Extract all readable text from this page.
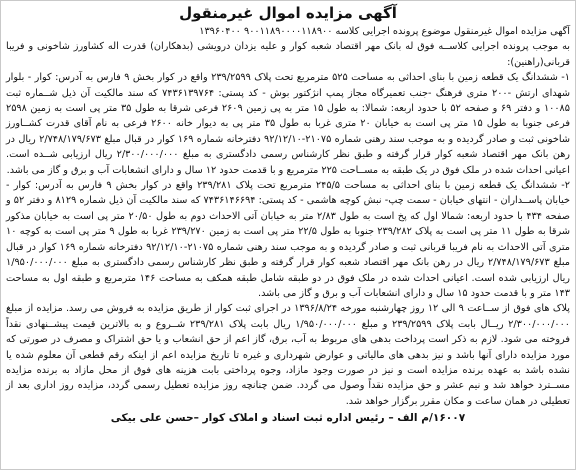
آگهی مزایده اموال غیرمنقول

آگهی مزایده اموال غیرمنقول موضوع پرونده اجرایی کلاسه ۹۰۰۱۱۸۹۰۰۰۰۱۱۸۹۰۰ ۱۳۹۶۰۴۰۰

به موجب پرونده اجرایی کلاســه فوق له بانک مهر اقتصاد شعبه کوار و علیه یزدان درویشی (بدهکاران) قدرت اله کشاورز شاخونی و فریبا قربانی(راهنین):

۱- ششدانگ یک قطعه زمین با بنای احداثی به مساحت ۵۲۵ مترمربع تحت پلاک ۲۳۹/۲۵۹۹ واقع در کوار بخش ۹ فارس به آدرس: کوار - بلوار شهدای ارتش -۲۰۰ متری فرهنگ -جنب تعمیرگاه مجاز پمپ انژکتور بوش - کد پستی: ۷۴۳۶۱۳۹۷۶۴ که سند مالکیت آن ذیل شــماره ثبت ۱۰۰۸۵ و دفتر ۶۹ و صفحه ۵۲ با حدود اربعه: شمالا: به طول ۱۵ متر به پی زمین ۲۶۰۹ فرعی شرقا به طول ۳۵ متر پی است به زمین ۲۵۹۸ فرعی جنوبا به طول ۱۵ متر پی است به خیابان ۲۰ متری غربا به طول ۳۵ متر پی به دیوار خانه ۲۶۰۰ فرعی به نام آقای قدرت کشــاورز شاخونی ثبت و صادر گردیده و به موجب سند رهنی شماره ۲۱۰۷۵-۹۲/۱۲/۱۰ دفترخانه شماره ۱۶۹ کوار در قبال مبلغ ۲/۷۴۸/۱۷۹/۶۷۳ ریال در رهن بانک مهر اقتصاد شعبه کوار قرار گرفته و طبق نظر کارشناس رسمی دادگستری به مبلغ ۲/۳۰۰/۰۰۰/۰۰۰ ریال ارزیابی شــده است. اعیانی احداث شده در ملک فوق در یک طبقه به مســاحت ۲۲۵ مترمربع و با قدمت حدود ۱۲ سال و دارای انشعابات آب و برق و گاز می باشد.

۲- ششدانگ یک قطعه زمین با بنای احداثی به مساحت ۲۴۵/۵ مترمربع تحت پلاک ۲۳۹/۲۸۱ واقع در کوار بخش ۹ فارس به آدرس: کوار - خیابان پاســداران - انتهای خیابان - سمت چپ- نبش کوچه هاشمی - کد پستی: ۷۴۳۶۱۴۶۶۹۴ که سند مالکیت آن ذیل شماره ۸۱۲۹ و دفتر ۵۲ و صفحه ۴۳۴ با حدود اربعه: شمالا اول که پخ است به طول ۲/۸۳ متر به خیابان آتی الاحداث دوم به طول ۲۰/۵۰ متر پی است به خیابان مذکور شرقا به طول ۱۱ متر پی است به پلاک ۲۳۹/۲۸۲ جنوبا به طول ۲۲/۵ متر پی است به زمین ۲۳۹/۲۷۰ غربا به طول ۹ متر پی است به کوچه ۱۰ متری آتی الاحداث به نام فریبا قربانی ثبت و صادر گردیده و به موجب سند رهنی شماره ۲۱۰۷۵-۹۲/۱۲/۱۰ دفترخانه شماره ۱۶۹ کوار در قبال مبلغ ۲/۷۴۸/۱۷۹/۶۷۳ ریال در رهن بانک مهر اقتصاد شعبه کوار قرار گرفته و طبق نظر کارشناس رسمی دادگستری به مبلغ ۱/۹۵۰/۰۰۰/۰۰۰ ریال ارزیابی شده است. اعیانی احداث شده در ملک فوق در دو طبقه شامل طبقه همکف به مساحت ۱۴۶ مترمربع و طبقه اول به مساحت ۱۴۳ متر و با قدمت حدود ۱۵ سال و دارای انشعابات آب و برق و گاز می باشد.

پلاک های فوق از ســاعت ۹ الی ۱۲ روز چهارشنبه مورخه ۱۳۹۶/۸/۲۴ در اجرای ثبت کوار از طریق مزایده به فروش می رسد. مزایده از مبلغ ۲/۳۰۰/۰۰۰/۰۰۰ ریــال بابت پلاک ۲۳۹/۲۵۹۹ و مبلغ ۱/۹۵۰/۰۰۰/۰۰۰ ریال بابت پلاک ۲۳۹/۲۸۱ شــروع و به بالاترین قیمت پیشــنهادی نقداً فروخته می شود. لازم به ذکر است پرداخت بدهی های مربوط به آب، برق، گاز اعم از حق انشعاب و یا حق اشتراک و مصرف در صورتی که مورد مزایده دارای آنها باشد و نیز بدهی های مالیاتی و عوارض شهرداری و غیره تا تاریخ مزایده اعم از اینکه رقم قطعی آن معلوم شده یا نشده باشد به عهده برنده مزایده است و نیز در صورت وجود مازاد، وجوه پرداختی بابت هزینه های فوق از محل مازاد به برنده مزایده مســترد خواهد شد و نیم عشر و حق مزایده نقداً وصول می گردد. ضمن چنانچه روز مزایده تعطیل رسمی گردد، مزایده روز اداری بعد از تعطیلی در همان ساعت و مکان مقرر برگزار خواهد شد.

۱۶۰۰۷/م الف – رئیس اداره ثبت اسناد و املاک کوار –حسن علی بیکی
